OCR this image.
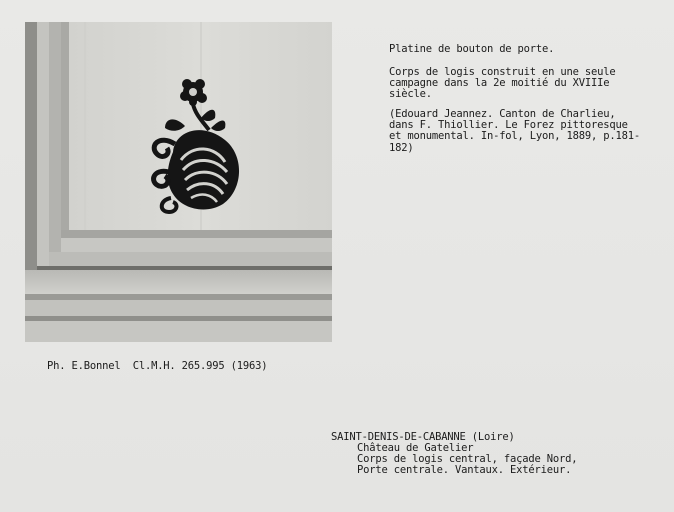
Platine de bouton de porte.
Corps de logis construit en une seule
campagne dans la 2e moitié du XVIIIe
siècle.
(Edouard Jeannez. Canton de Charlieu,
dans F. Thiollier. Le Forez pittoresque
et monumental. In-fol, Lyon, 1889, p.181-
182)
Ph. E.Bonnel  Cl.M.H. 265.995 (1963)
SAINT-DENIS-DE-CABANNE (Loire)
Château de Gatelier
Corps de logis central, façade Nord,
Porte centrale. Vantaux. Extérieur.
